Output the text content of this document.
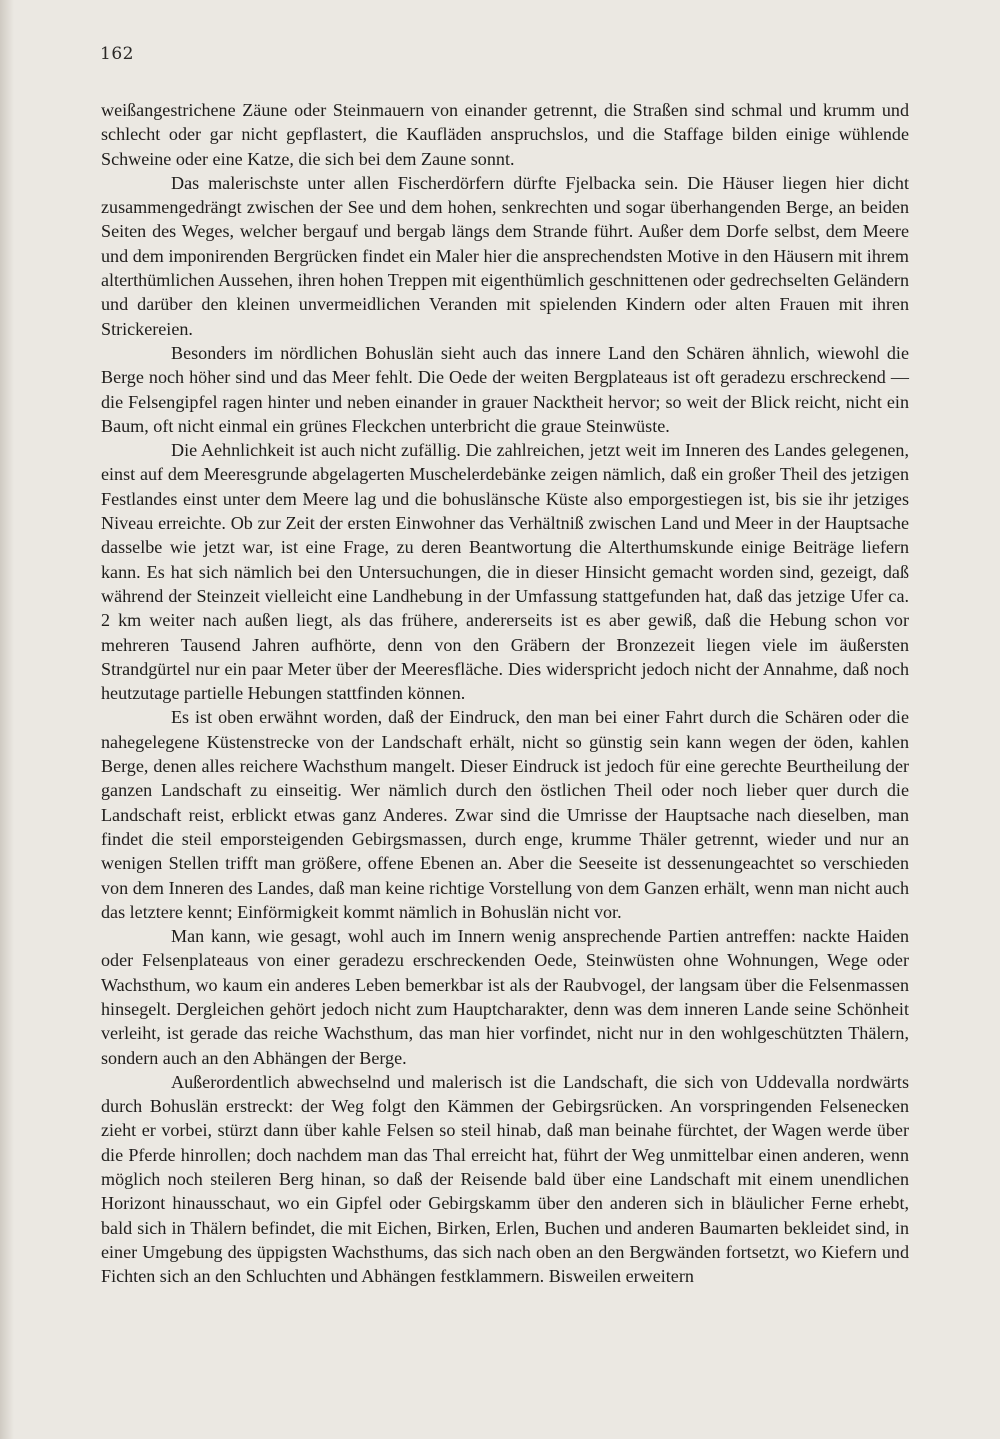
162

weißangestrichene Zäune oder Steinmauern von einander getrennt, die Straßen sind schmal und krumm und schlecht oder gar nicht gepflastert, die Kaufläden anspruchslos, und die Staffage bilden einige wühlende Schweine oder eine Katze, die sich bei dem Zaune sonnt.

Das malerischste unter allen Fischerdörfern dürfte Fjelbacka sein. Die Häuser liegen hier dicht zusammengedrängt zwischen der See und dem hohen, senkrechten und sogar überhangenden Berge, an beiden Seiten des Weges, welcher bergauf und bergab längs dem Strande führt. Außer dem Dorfe selbst, dem Meere und dem imponirenden Bergrücken findet ein Maler hier die ansprechendsten Motive in den Häusern mit ihrem alterthümlichen Aussehen, ihren hohen Treppen mit eigenthümlich geschnittenen oder gedrechselten Geländern und darüber den kleinen unvermeidlichen Veranden mit spielenden Kindern oder alten Frauen mit ihren Strickereien.

Besonders im nördlichen Bohuslän sieht auch das innere Land den Schären ähnlich, wiewohl die Berge noch höher sind und das Meer fehlt. Die Oede der weiten Bergplateaus ist oft geradezu erschreckend — die Felsengipfel ragen hinter und neben einander in grauer Nacktheit hervor; so weit der Blick reicht, nicht ein Baum, oft nicht einmal ein grünes Fleckchen unterbricht die graue Steinwüste.

Die Aehnlichkeit ist auch nicht zufällig. Die zahlreichen, jetzt weit im Inneren des Landes gelegenen, einst auf dem Meeresgrunde abgelagerten Muschelerdebänke zeigen nämlich, daß ein großer Theil des jetzigen Festlandes einst unter dem Meere lag und die bohuslänsche Küste also emporgestiegen ist, bis sie ihr jetziges Niveau erreichte. Ob zur Zeit der ersten Einwohner das Verhältniß zwischen Land und Meer in der Hauptsache dasselbe wie jetzt war, ist eine Frage, zu deren Beantwortung die Alterthumskunde einige Beiträge liefern kann. Es hat sich nämlich bei den Untersuchungen, die in dieser Hinsicht gemacht worden sind, gezeigt, daß während der Steinzeit vielleicht eine Landhebung in der Umfassung stattgefunden hat, daß das jetzige Ufer ca. 2 km weiter nach außen liegt, als das frühere, andererseits ist es aber gewiß, daß die Hebung schon vor mehreren Tausend Jahren aufhörte, denn von den Gräbern der Bronzezeit liegen viele im äußersten Strandgürtel nur ein paar Meter über der Meeresfläche. Dies widerspricht jedoch nicht der Annahme, daß noch heutzutage partielle Hebungen stattfinden können.

Es ist oben erwähnt worden, daß der Eindruck, den man bei einer Fahrt durch die Schären oder die nahegelegene Küstenstrecke von der Landschaft erhält, nicht so günstig sein kann wegen der öden, kahlen Berge, denen alles reichere Wachsthum mangelt. Dieser Eindruck ist jedoch für eine gerechte Beurtheilung der ganzen Landschaft zu einseitig. Wer nämlich durch den östlichen Theil oder noch lieber quer durch die Landschaft reist, erblickt etwas ganz Anderes. Zwar sind die Umrisse der Hauptsache nach dieselben, man findet die steil emporsteigenden Gebirgsmassen, durch enge, krumme Thäler getrennt, wieder und nur an wenigen Stellen trifft man größere, offene Ebenen an. Aber die Seeseite ist dessenungeachtet so verschieden von dem Inneren des Landes, daß man keine richtige Vorstellung von dem Ganzen erhält, wenn man nicht auch das letztere kennt; Einförmigkeit kommt nämlich in Bohuslän nicht vor.

Man kann, wie gesagt, wohl auch im Innern wenig ansprechende Partien antreffen: nackte Haiden oder Felsenplateaus von einer geradezu erschreckenden Oede, Steinwüsten ohne Wohnungen, Wege oder Wachsthum, wo kaum ein anderes Leben bemerkbar ist als der Raubvogel, der langsam über die Felsenmassen hinsegelt. Dergleichen gehört jedoch nicht zum Hauptcharakter, denn was dem inneren Lande seine Schönheit verleiht, ist gerade das reiche Wachsthum, das man hier vorfindet, nicht nur in den wohlgeschützten Thälern, sondern auch an den Abhängen der Berge.

Außerordentlich abwechselnd und malerisch ist die Landschaft, die sich von Uddevalla nordwärts durch Bohuslän erstreckt: der Weg folgt den Kämmen der Gebirgsrücken. An vorspringenden Felsenecken zieht er vorbei, stürzt dann über kahle Felsen so steil hinab, daß man beinahe fürchtet, der Wagen werde über die Pferde hinrollen; doch nachdem man das Thal erreicht hat, führt der Weg unmittelbar einen anderen, wenn möglich noch steileren Berg hinan, so daß der Reisende bald über eine Landschaft mit einem unendlichen Horizont hinausschaut, wo ein Gipfel oder Gebirgskamm über den anderen sich in bläulicher Ferne erhebt, bald sich in Thälern befindet, die mit Eichen, Birken, Erlen, Buchen und anderen Baumarten bekleidet sind, in einer Umgebung des üppigsten Wachsthums, das sich nach oben an den Bergwänden fortsetzt, wo Kiefern und Fichten sich an den Schluchten und Abhängen festklammern. Bisweilen erweitern
